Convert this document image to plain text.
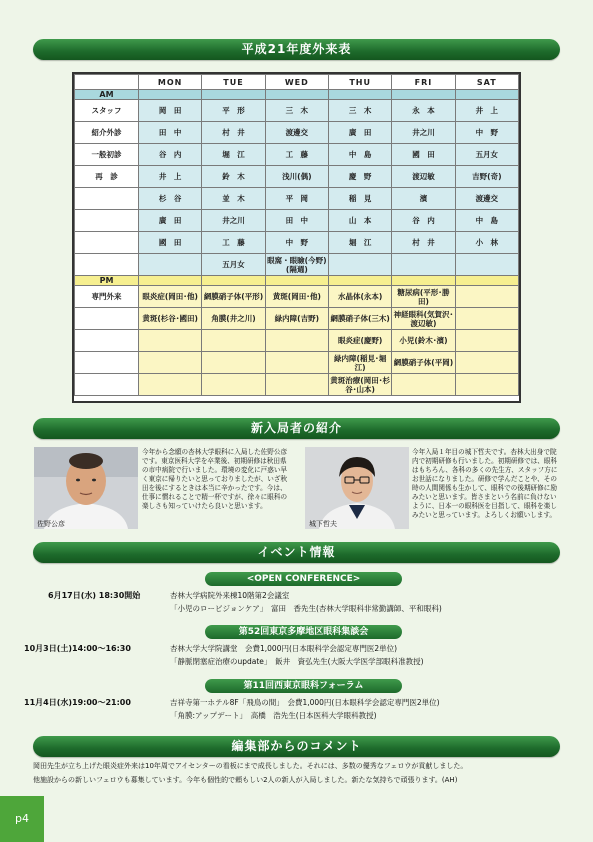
平成21年度外来表
新入局者の紹介
イベント情報
編集部からのコメント
	MON	TUE	WED	THU	FRI	SAT
AM						
スタッフ	岡　田	平　形	三　木	三　木	永　本	井　上
紹介外診	田　中	村　井	渡邊交	廣　田	井之川	中　野
一般初診	谷　内	堀　江	工　藤	中　島	國　田	五月女
再　診	井　上	鈴　木	浅川(偶)	慶　野	渡辺敏	吉野(奇)
	杉　谷	並　木	平　岡	稲　見	濱	渡邊交
	廣　田	井之川	田　中	山　本	谷　内	中　島
	國　田	工　藤	中　野	堀　江	村　井	小　林
		五月女	眼窩・眼瞼(今野)(隔週)			
PM						
専門外来	眼炎症(岡田･他)	網膜硝子体(平形)	黄斑(岡田･他)	水晶体(永本)	糖尿病(平形･勝田)	
	黄斑(杉谷･國田)	角膜(井之川)	緑内障(吉野)	網膜硝子体(三木)	神経眼科(気賀沢･渡辺敏)	
				眼炎症(慶野)	小児(鈴木･濱)	
				緑内障(稲見･堀江)	網膜硝子体(平岡)	
				黄斑治療(岡田･杉谷･山本)		
佐野公彦
今年から念願の杏林大学眼科に入局した佐野公彦です。東京医科大学を卒業後、初期研修は秋田県の市中病院で行いました。環境の変化に戸惑い早く東京に帰りたいと思っておりましたが、いざ秋田を後にするときは本当に辛かったです。今は、仕事に慣れることで精一杯ですが、徐々に眼科の楽しさも知っていけたら良いと思います。
城下哲夫
今年入局１年目の城下哲夫です。杏林大出身で院内で初期研修も行いました。初期研修では、眼科はもちろん、各科の多くの先生方、スタッフ方にお世話になりました。研修で学んだことや、その時の人間関係も生かして、眼科での後期研修に励みたいと思います。皆さまという名前に負けないように、日本一の眼科医を目指して、眼科を楽しみたいと思っています。よろしくお願いします。
<OPEN CONFERENCE>
6月17日(水) 18:30開始	杏林大学病院外来棟10階第2会議室
「小児のロービジョンケア」　富田　香先生(杏林大学眼科非常勤講師、平和眼科)
第52回東京多摩地区眼科集談会
10月3日(土)14:00〜16:30	杏林大学大学院講堂　会費1,000円(日本眼科学会認定専門医2単位)
「静脈閉塞症治療のupdate」　飯井　資弘先生(大阪大学医学部眼科准教授)
第11回西東京眼科フォーラム
11月4日(水)19:00〜21:00	吉祥寺第一ホテル8F「飛鳥の間」　会費1,000円(日本眼科学会認定専門医2単位)
「角膜:アップデート」　高橋　浩先生(日本医科大学眼科教授)
岡田先生が立ち上げた眼炎症外来は10年周でアイセンターの看板にまで成長しました。それには、多数の優秀なフェロウが貢献しました。
他施設からの新しいフェロウも募集しています。今年も個性的で頼もしい2人の新人が入局しました。新たな気持ちで頑張ります。(AH)
p4
